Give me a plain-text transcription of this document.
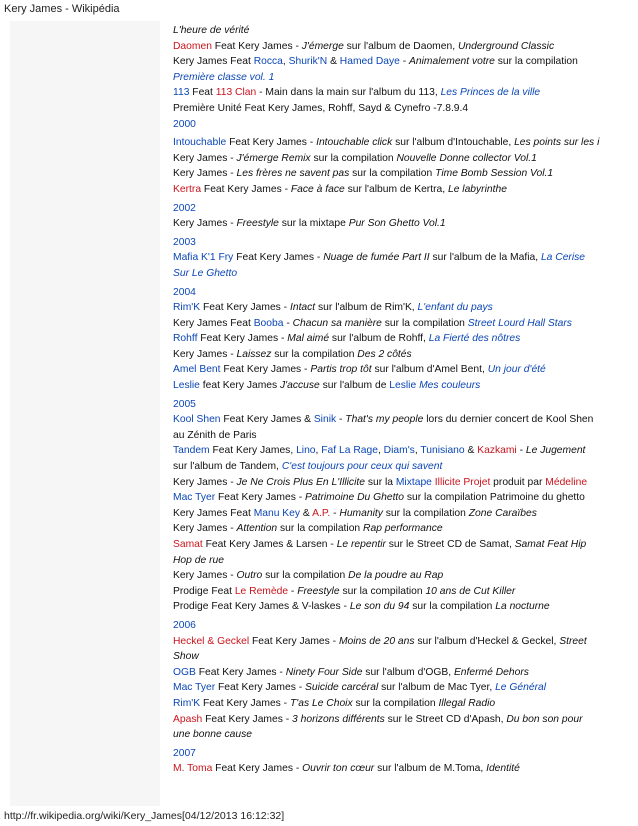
Kery James - Wikipédia
L'heure de vérité
Daomen Feat Kery James - J'émerge sur l'album de Daomen, Underground Classic
Kery James Feat Rocca, Shurik'N & Hamed Daye - Animalement votre sur la compilation
Première classe vol. 1
113 Feat 113 Clan - Main dans la main sur l'album du 113, Les Princes de la ville
Première Unité Feat Kery James, Rohff, Sayd & Cynefro -7.8.9.4
2000
Intouchable Feat Kery James - Intouchable click sur l'album d'Intouchable, Les points sur les i
Kery James - J'émerge Remix sur la compilation Nouvelle Donne collector Vol.1
Kery James - Les frères ne savent pas sur la compilation Time Bomb Session Vol.1
Kertra Feat Kery James - Face à face sur l'album de Kertra, Le labyrinthe
2002
Kery James - Freestyle sur la mixtape Pur Son Ghetto Vol.1
2003
Mafia K'1 Fry Feat Kery James - Nuage de fumée Part II sur l'album de la Mafia, La Cerise
Sur Le Ghetto
2004
Rim'K Feat Kery James - Intact sur l'album de Rim'K, L'enfant du pays
Kery James Feat Booba - Chacun sa manière sur la compilation Street Lourd Hall Stars
Rohff Feat Kery James - Mal aimé sur l'album de Rohff, La Fierté des nôtres
Kery James - Laissez sur la compilation Des 2 côtés
Amel Bent Feat Kery James - Partis trop tôt sur l'album d'Amel Bent, Un jour d'été
Leslie feat Kery James J'accuse sur l'album de Leslie Mes couleurs
2005
Kool Shen Feat Kery James & Sinik - That's my people lors du dernier concert de Kool Shen
au Zénith de Paris
Tandem Feat Kery James, Lino, Faf La Rage, Diam's, Tunisiano & Kazkami - Le Jugement
sur l'album de Tandem, C'est toujours pour ceux qui savent
Kery James - Je Ne Crois Plus En L'Illicite sur la Mixtape Illicite Projet produit par Médeline
Mac Tyer Feat Kery James - Patrimoine Du Ghetto sur la compilation Patrimoine du ghetto
Kery James Feat Manu Key & A.P. - Humanity sur la compilation Zone Caraïbes
Kery James - Attention sur la compilation Rap performance
Samat Feat Kery James & Larsen - Le repentir sur le Street CD de Samat, Samat Feat Hip
Hop de rue
Kery James - Outro sur la compilation De la poudre au Rap
Prodige Feat Le Remède - Freestyle sur la compilation 10 ans de Cut Killer
Prodige Feat Kery James & V-laskes - Le son du 94 sur la compilation La nocturne
2006
Heckel & Geckel Feat Kery James - Moins de 20 ans sur l'album d'Heckel & Geckel, Street
Show
OGB Feat Kery James - Ninety Four Side sur l'album d'OGB, Enfermé Dehors
Mac Tyer Feat Kery James - Suicide carcéral sur l'album de Mac Tyer, Le Général
Rim'K Feat Kery James - T'as Le Choix sur la compilation Illegal Radio
Apash Feat Kery James - 3 horizons différents sur le Street CD d'Apash, Du bon son pour
une bonne cause
2007
M. Toma Feat Kery James - Ouvrir ton cœur sur l'album de M.Toma, Identité
http://fr.wikipedia.org/wiki/Kery_James[04/12/2013 16:12:32]
